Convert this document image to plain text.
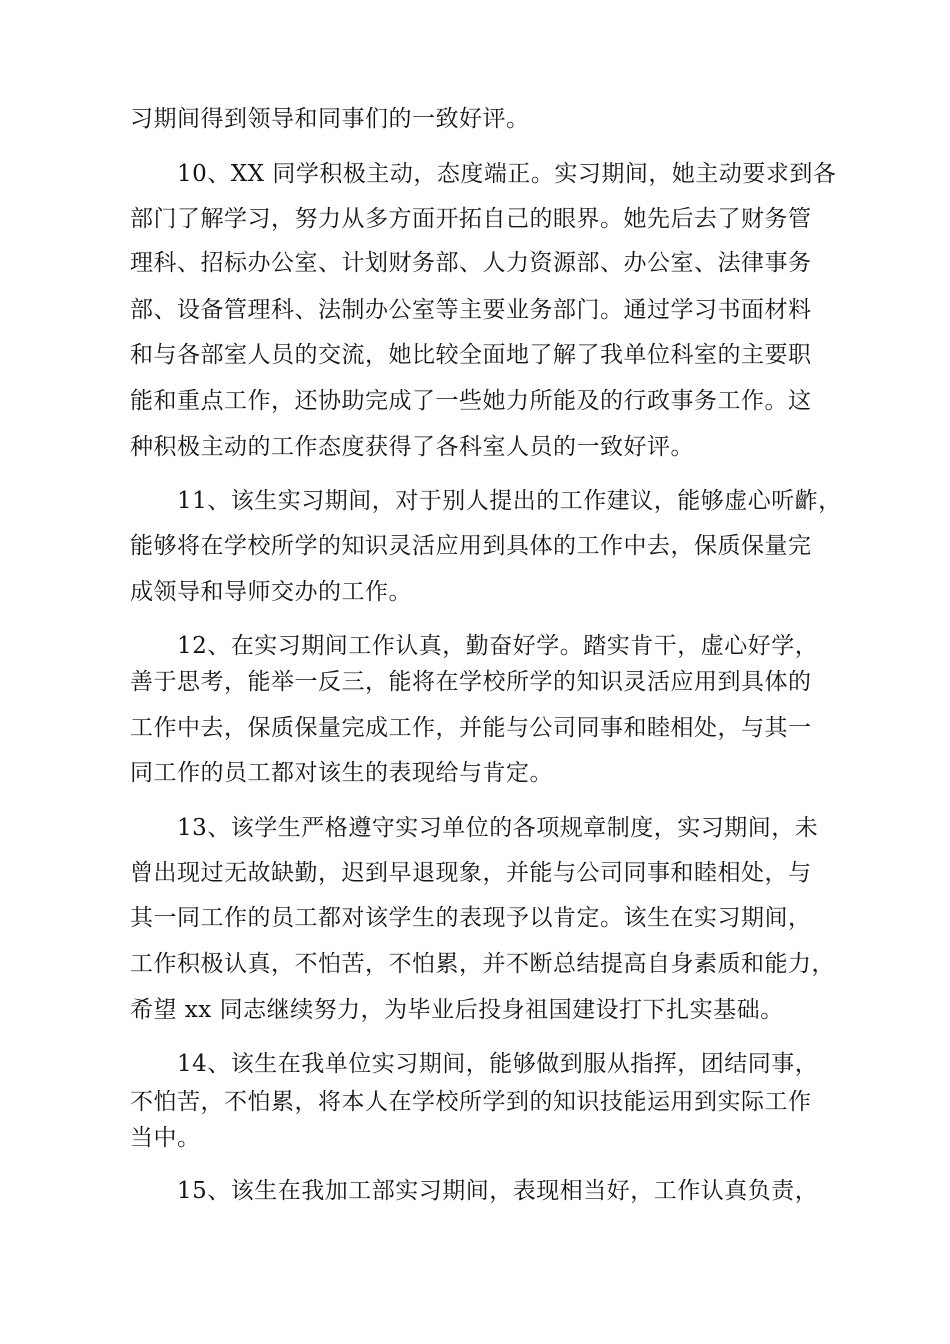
习期间得到领导和同事们的一致好评。
10、XX 同学积极主动，态度端正。实习期间，她主动要求到各
部门了解学习，努力从多方面开拓自己的眼界。她先后去了财务管
理科、招标办公室、计划财务部、人力资源部、办公室、法律事务
部、设备管理科、法制办公室等主要业务部门。通过学习书面材料
和与各部室人员的交流，她比较全面地了解了我单位科室的主要职
能和重点工作，还协助完成了一些她力所能及的行政事务工作。这
种积极主动的工作态度获得了各科室人员的一致好评。
11、该生实习期间，对于别人提出的工作建议，能够虚心听齚，
能够将在学校所学的知识灵活应用到具体的工作中去，保质保量完
成领导和导师交办的工作。
12、在实习期间工作认真，勤奋好学。踏实肯干，虚心好学，
善于思考，能举一反三，能将在学校所学的知识灵活应用到具体的
工作中去，保质保量完成工作，并能与公司同事和睦相处，与其一
同工作的员工都对该生的表现给与肯定。
13、该学生严格遵守实习单位的各项规章制度，实习期间，未
曾出现过无故缺勤，迟到早退现象，并能与公司同事和睦相处，与
其一同工作的员工都对该学生的表现予以肯定。该生在实习期间，
工作积极认真，不怕苦，不怕累，并不断总结提高自身素质和能力，
希望 xx 同志继续努力，为毕业后投身祖国建设打下扎实基础。
14、该生在我单位实习期间，能够做到服从指挥，团结同事，
不怕苦，不怕累，将本人在学校所学到的知识技能运用到实际工作
当中。
15、该生在我加工部实习期间，表现相当好，工作认真负责，
